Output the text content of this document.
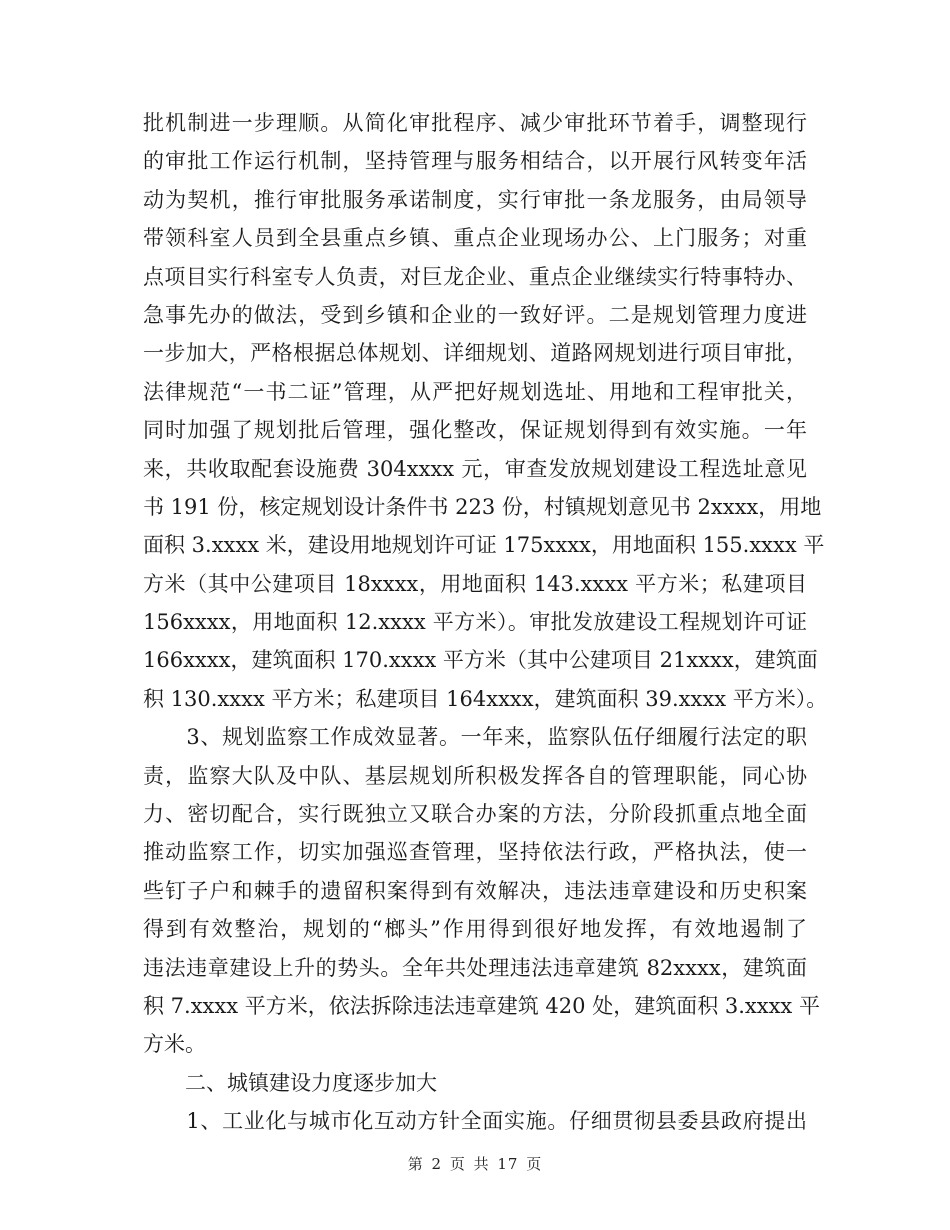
批机制进一步理顺。从简化审批程序、减少审批环节着手，调整现行
的审批工作运行机制，坚持管理与服务相结合，以开展行风转变年活
动为契机，推行审批服务承诺制度，实行审批一条龙服务，由局领导
带领科室人员到全县重点乡镇、重点企业现场办公、上门服务；对重
点项目实行科室专人负责，对巨龙企业、重点企业继续实行特事特办、
急事先办的做法，受到乡镇和企业的一致好评。二是规划管理力度进
一步加大，严格根据总体规划、详细规划、道路网规划进行项目审批，
法律规范“一书二证”管理，从严把好规划选址、用地和工程审批关，
同时加强了规划批后管理，强化整改，保证规划得到有效实施。一年
来，共收取配套设施费 304xxxx 元，审查发放规划建设工程选址意见
书 191 份，核定规划设计条件书 223 份，村镇规划意见书 2xxxx，用地
面积 3.xxxx 米，建设用地规划许可证 175xxxx，用地面积 155.xxxx 平
方米（其中公建项目 18xxxx，用地面积 143.xxxx 平方米；私建项目
156xxxx，用地面积 12.xxxx 平方米）。审批发放建设工程规划许可证
166xxxx，建筑面积 170.xxxx 平方米（其中公建项目 21xxxx，建筑面
积 130.xxxx 平方米；私建项目 164xxxx，建筑面积 39.xxxx 平方米）。
　　3、规划监察工作成效显著。一年来，监察队伍仔细履行法定的职
责，监察大队及中队、基层规划所积极发挥各自的管理职能，同心协
力、密切配合，实行既独立又联合办案的方法，分阶段抓重点地全面
推动监察工作，切实加强巡查管理，坚持依法行政，严格执法，使一
些钉子户和棘手的遗留积案得到有效解决，违法违章建设和历史积案
得到有效整治，规划的“榔头”作用得到很好地发挥，有效地遏制了
违法违章建设上升的势头。全年共处理违法违章建筑 82xxxx，建筑面
积 7.xxxx 平方米，依法拆除违法违章建筑 420 处，建筑面积 3.xxxx 平
方米。
　　二、城镇建设力度逐步加大
　　1、工业化与城市化互动方针全面实施。仔细贯彻县委县政府提出
第 2 页 共 17 页
